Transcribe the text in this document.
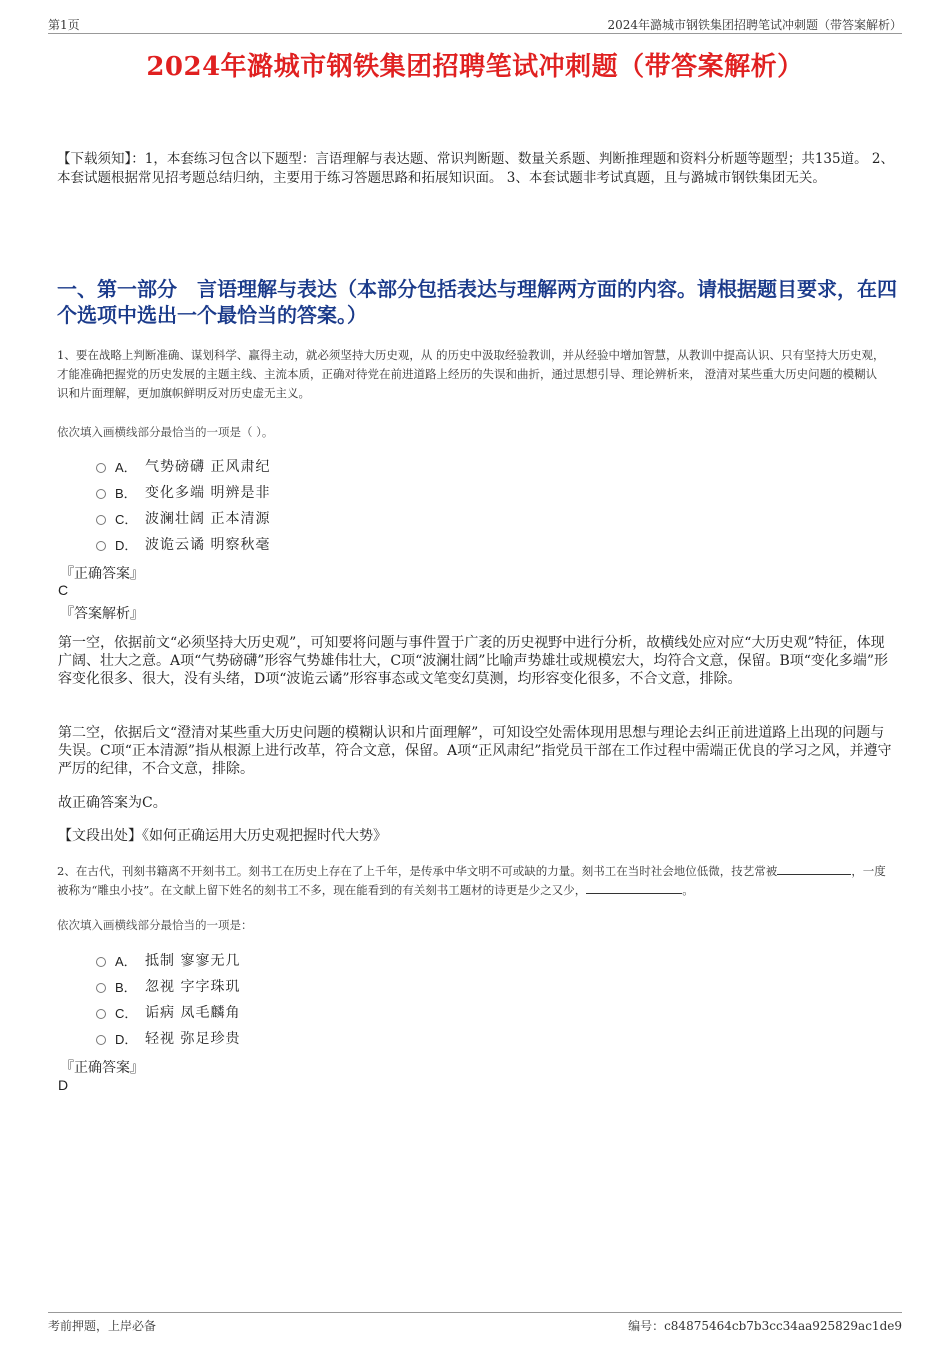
第1页	2024年潞城市钢铁集团招聘笔试冲刺题（带答案解析）
2024年潞城市钢铁集团招聘笔试冲刺题（带答案解析）

【下载须知】：1，本套练习包含以下题型：言语理解与表达题、常识判断题、数量关系题、判断推理题和资料分析题等题型；共135道。 2、本套试题根据常见招考题总结归纳，主要用于练习答题思路和拓展知识面。 3、本套试题非考试真题，且与潞城市钢铁集团无关。

一、第一部分　言语理解与表达（本部分包括表达与理解两方面的内容。请根据题目要求，在四个选项中选出一个最恰当的答案。）

1、要在战略上判断准确、谋划科学、赢得主动，就必须坚持大历史观，从 的历史中汲取经验教训，并从经验中增加智慧，从教训中提高认识、只有坚持大历史观，才能准确把握党的历史发展的主题主线、主流本质，正确对待党在前进道路上经历的失误和曲折，通过思想引导、理论辨析来， 澄清对某些重大历史问题的模糊认识和片面理解，更加旗帜鲜明反对历史虚无主义。

依次填入画横线部分最恰当的一项是（ ）。

A． 气势磅礴 正风肃纪
B． 变化多端 明辨是非
C． 波澜壮阔 正本清源
D． 波诡云谲 明察秋毫
『正确答案』
C
『答案解析』

第一空，依据前文“必须坚持大历史观”，可知要将问题与事件置于广袤的历史视野中进行分析，故横线处应对应“大历史观”特征，体现广阔、壮大之意。A项“气势磅礴”形容气势雄伟壮大，C项“波澜壮阔”比喻声势雄壮或规模宏大，均符合文意，保留。B项“变化多端”形容变化很多、很大，没有头绪，D项“波诡云谲”形容事态或文笔变幻莫测，均形容变化很多，不合文意，排除。

第二空，依据后文“澄清对某些重大历史问题的模糊认识和片面理解”，可知设空处需体现用思想与理论去纠正前进道路上出现的问题与失误。C项“正本清源”指从根源上进行改革，符合文意，保留。A项“正风肃纪”指党员干部在工作过程中需端正优良的学习之风，并遵守严厉的纪律，不合文意，排除。

故正确答案为C。

【文段出处】《如何正确运用大历史观把握时代大势》

2、在古代，刊刻书籍离不开刻书工。刻书工在历史上存在了上千年，是传承中华文明不可或缺的力量。刻书工在当时社会地位低微，技艺常被	，一度被称为“雕虫小技”。在文献上留下姓名的刻书工不多，现在能看到的有关刻书工题材的诗更是少之又少，	。

依次填入画横线部分最恰当的一项是：

A． 抵制 寥寥无几
B． 忽视 字字珠玑
C． 诟病 凤毛麟角
D． 轻视 弥足珍贵
『正确答案』
D
考前押题，上岸必备	编号：c84875464cb7b3cc34aa925829ac1de9
